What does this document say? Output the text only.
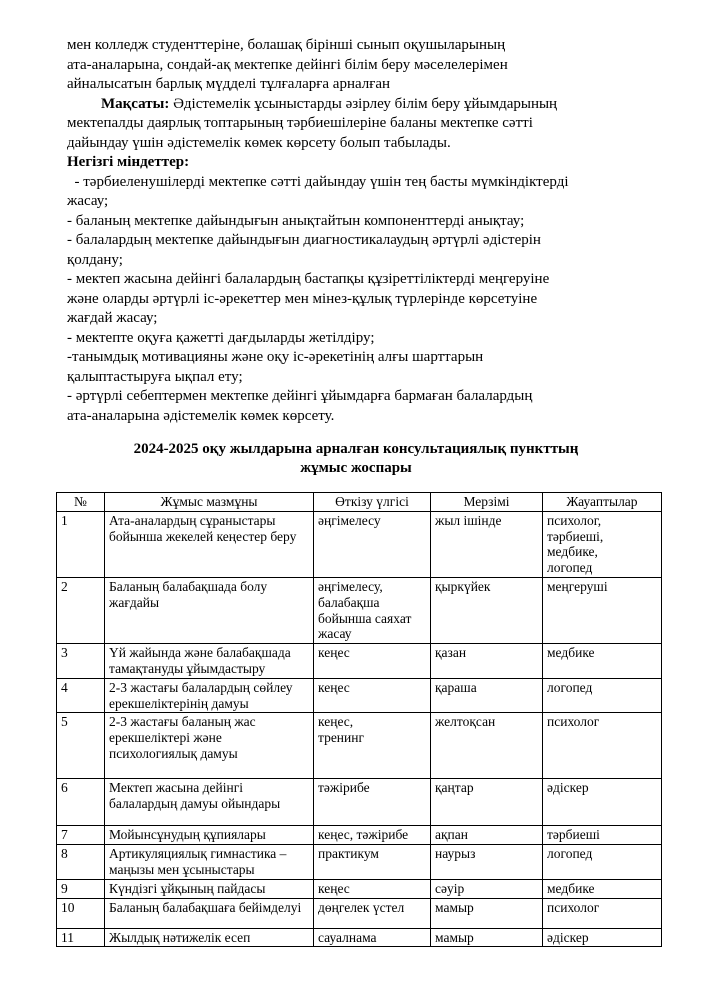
мен колледж студенттеріне, болашақ бірінші сынып оқушыларының
ата-аналарына, сондай-ақ мектепке дейінгі білім беру мәселелерімен
айналысатын барлық мүдделі тұлғаларға арналған

Мақсаты: Әдістемелік ұсыныстарды әзірлеу білім беру ұйымдарының

мектепалды даярлық топтарының тәрбиешілеріне баланы мектепке сәтті
дайындау үшін әдістемелік көмек көрсету болып табылады.

Негізгі міндеттер:

- тәрбиеленушілерді мектепке сәтті дайындау үшін тең басты мүмкіндіктерді
жасау;

- баланың мектепке дайындығын анықтайтын компоненттерді анықтау;

- балалардың мектепке дайындығын диагностикалаудың әртүрлі әдістерін
қолдану;

- мектеп жасына дейінгі балалардың бастапқы құзіреттіліктерді меңгеруіне
және оларды әртүрлі іс-әрекеттер мен мінез-құлық түрлерінде көрсетуіне
жағдай жасау;

- мектепте оқуға қажетті дағдыларды жетілдіру;

-танымдық мотивацияны және оқу іс-әрекетінің алғы шарттарын
қалыптастыруға ықпал ету;

- әртүрлі себептермен мектепке дейінгі ұйымдарға бармаған балалардың
ата-аналарына әдістемелік көмек көрсету.

2024-2025 оқу жылдарына арналған консультациялық пункттың
жұмыс жоспары
№	Жұмыс мазмұны	Өткізу үлгісі	Мерзімі	Жауаптылар
1	Ата-аналардың сұраныстары бойынша жекелей кеңестер беру	әңгімелесу	жыл ішінде	психолог,
тәрбиеші,
медбике,
логопед
2	Баланың балабақшада болу жағдайы	әңгімелесу,
балабақша
бойынша саяхат
жасау	қыркүйек	меңгеруші
3	Үй жайында және балабақшада тамақтануды ұйымдастыру	кеңес	қазан	медбике
4	2-3 жастағы балалардың сөйлеу ерекшеліктерінің дамуы	кеңес	қараша	логопед
5	2-3 жастағы баланың жас ерекшеліктері және психологиялық дамуы	кеңес,
тренинг	желтоқсан	психолог
6	Мектеп жасына дейінгі балалардың дамуы ойындары	тәжірибе	қаңтар	әдіскер
7	Мойынсұнудың құпиялары	кеңес, тәжірибе	ақпан	тәрбиеші
8	Артикуляциялық гимнастика – маңызы мен ұсыныстары	практикум	наурыз	логопед
9	Күндізгі ұйқының пайдасы	кеңес	сәуір	медбике
10	Баланың балабақшаға бейімделуі	дөңгелек үстел	мамыр	психолог
11	Жылдық нәтижелік есеп	сауалнама	мамыр	әдіскер
